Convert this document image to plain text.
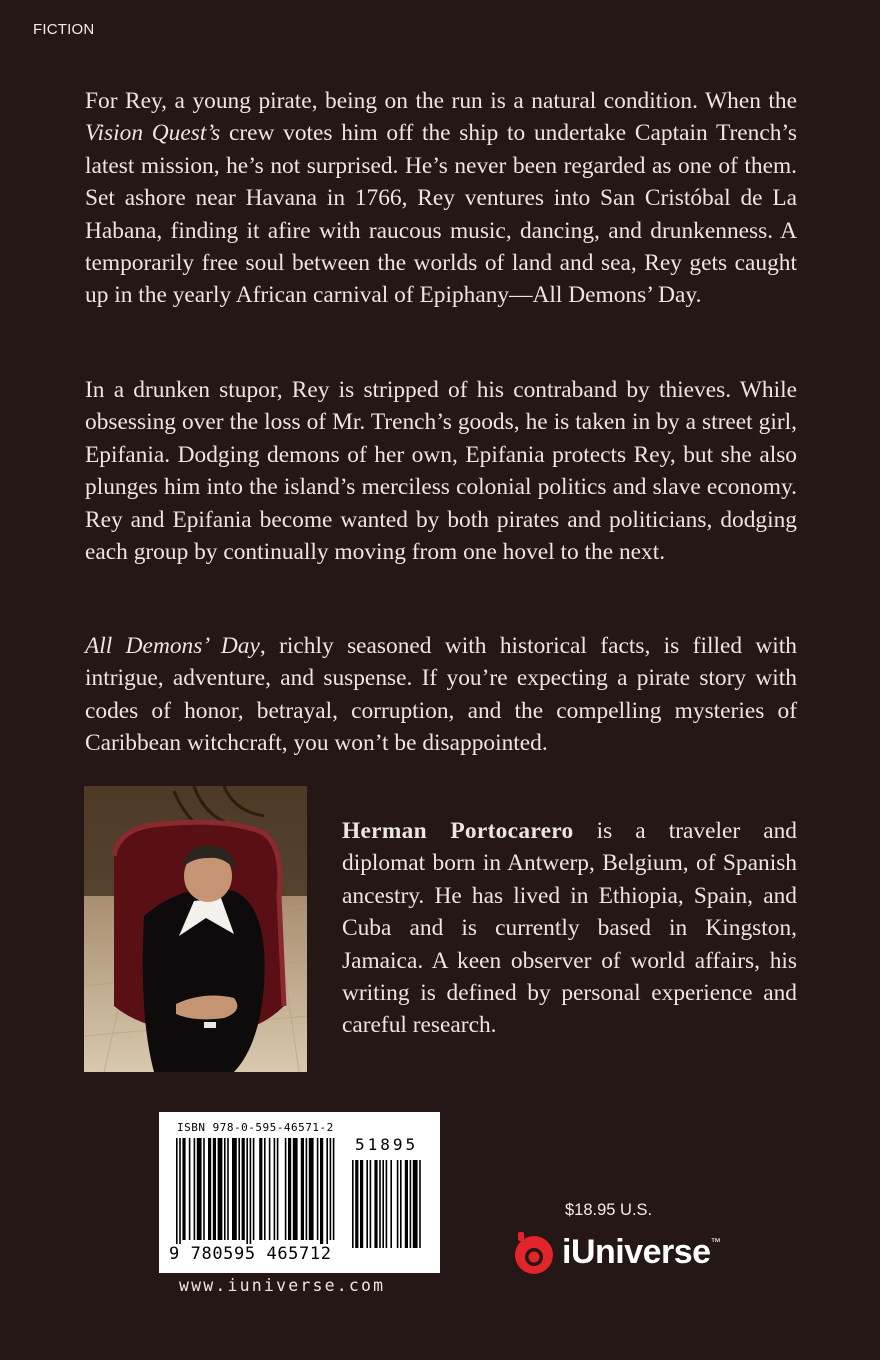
FICTION

For Rey, a young pirate, being on the run is a natural condition. When the Vision Quest’s crew votes him off the ship to undertake Captain Trench’s latest mission, he’s not surprised. He’s never been regarded as one of them. Set ashore near Havana in 1766, Rey ventures into San Cristóbal de La Habana, finding it afire with raucous music, dancing, and drunkenness. A temporarily free soul between the worlds of land and sea, Rey gets caught up in the yearly African carnival of Epiphany—All Demons’ Day.

In a drunken stupor, Rey is stripped of his contraband by thieves. While obsessing over the loss of Mr. Trench’s goods, he is taken in by a street girl, Epifania. Dodging demons of her own, Epifania protects Rey, but she also plunges him into the island’s merciless colonial politics and slave economy. Rey and Epifania become wanted by both pirates and politicians, dodging each group by continually moving from one hovel to the next.

All Demons’ Day, richly seasoned with historical facts, is filled with intrigue, adventure, and suspense. If you’re expecting a pirate story with codes of honor, betrayal, corruption, and the compelling mysteries of Caribbean witchcraft, you won’t be disappointed.

Herman Portocarero is a traveler and diplomat born in Antwerp, Belgium, of Spanish ancestry. He has lived in Ethiopia, Spain, and Cuba and is currently based in Kingston, Jamaica. A keen observer of world affairs, his writing is defined by personal experience and careful research.

ISBN 978-0-595-46571-2
51895
9 780595 465712
www.iuniverse.com
$18.95 U.S.
iUniverse™
